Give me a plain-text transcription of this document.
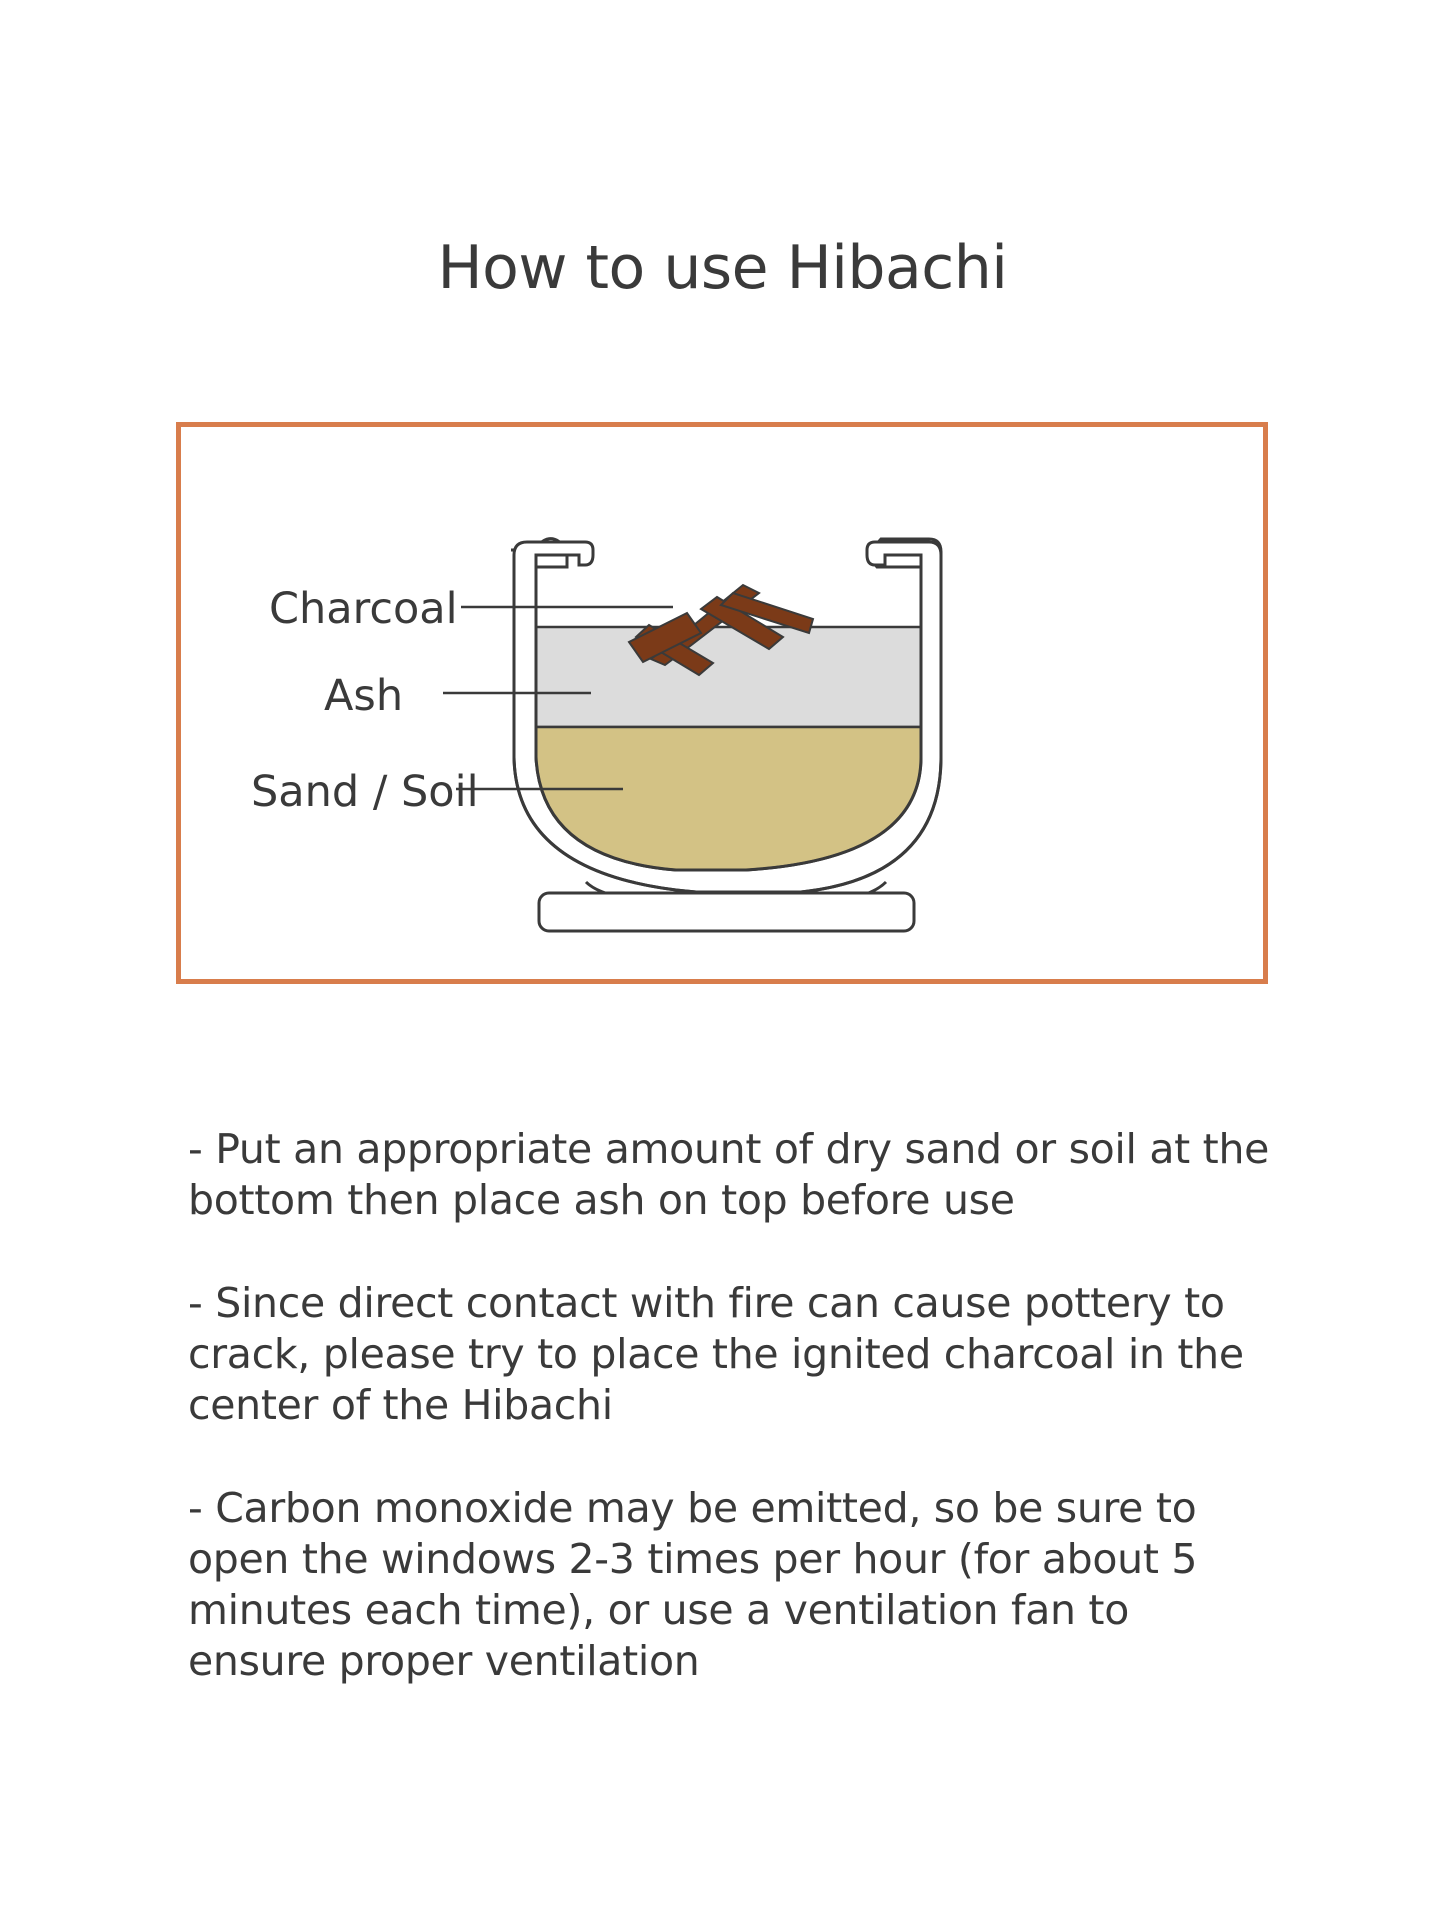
How to use Hibachi
Charcoal
Ash
Sand / Soil
- Put an appropriate amount of dry sand or soil at the bottom then place ash on top before use
- Since direct contact with fire can cause pottery to crack, please try to place the ignited charcoal in the center of the Hibachi
- Carbon monoxide may be emitted, so be sure to open the windows 2-3 times per hour (for about 5 minutes each time), or use a ventilation fan to ensure proper ventilation
